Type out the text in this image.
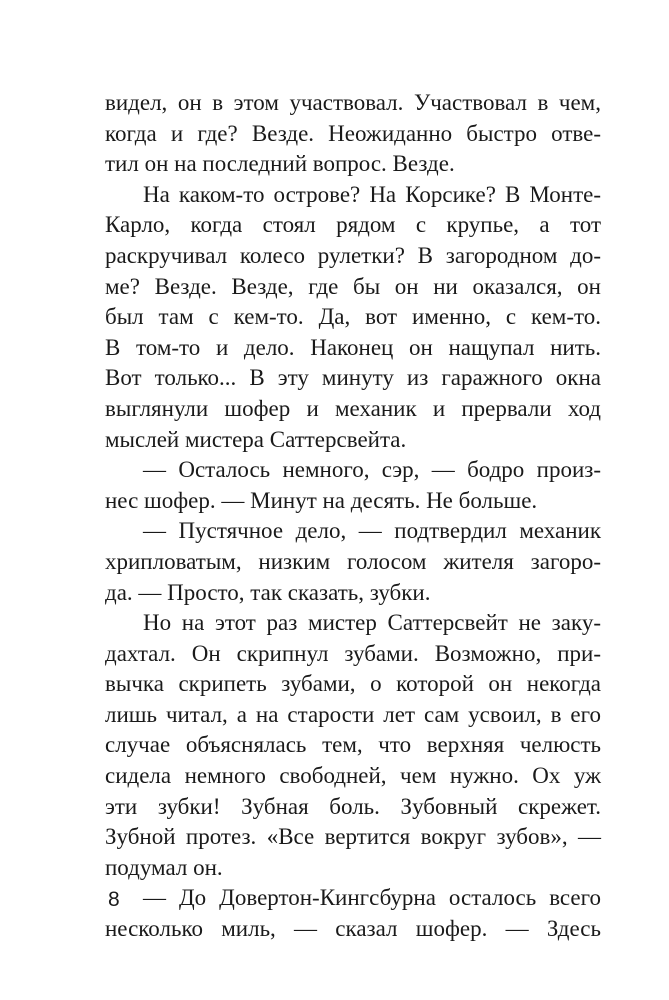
видел, он в этом участвовал. Участвовал в чем,
когда и где? Везде. Неожиданно быстро отве-
тил он на последний вопрос. Везде.
На каком-то острове? На Корсике? В Монте-
Карло, когда стоял рядом с крупье, а тот
раскручивал колесо рулетки? В загородном до-
ме? Везде. Везде, где бы он ни оказался, он
был там с кем-то. Да, вот именно, с кем-то.
В том-то и дело. Наконец он нащупал нить.
Вот только... В эту минуту из гаражного окна
выглянули шофер и механик и прервали ход
мыслей мистера Саттерсвейта.
— Осталось немного, сэр, — бодро произ-
нес шофер. — Минут на десять. Не больше.
— Пустячное дело, — подтвердил механик
хрипловатым, низким голосом жителя загоро-
да. — Просто, так сказать, зубки.
Но на этот раз мистер Саттерсвейт не заку-
дахтал. Он скрипнул зубами. Возможно, при-
вычка скрипеть зубами, о которой он некогда
лишь читал, а на старости лет сам усвоил, в его
случае объяснялась тем, что верхняя челюсть
сидела немного свободней, чем нужно. Ох уж
эти зубки! Зубная боль. Зубовный скрежет.
Зубной протез. «Все вертится вокруг зубов», —
подумал он.
— До Довертон-Кингсбурна осталось всего
несколько миль, — сказал шофер. — Здесь
8
